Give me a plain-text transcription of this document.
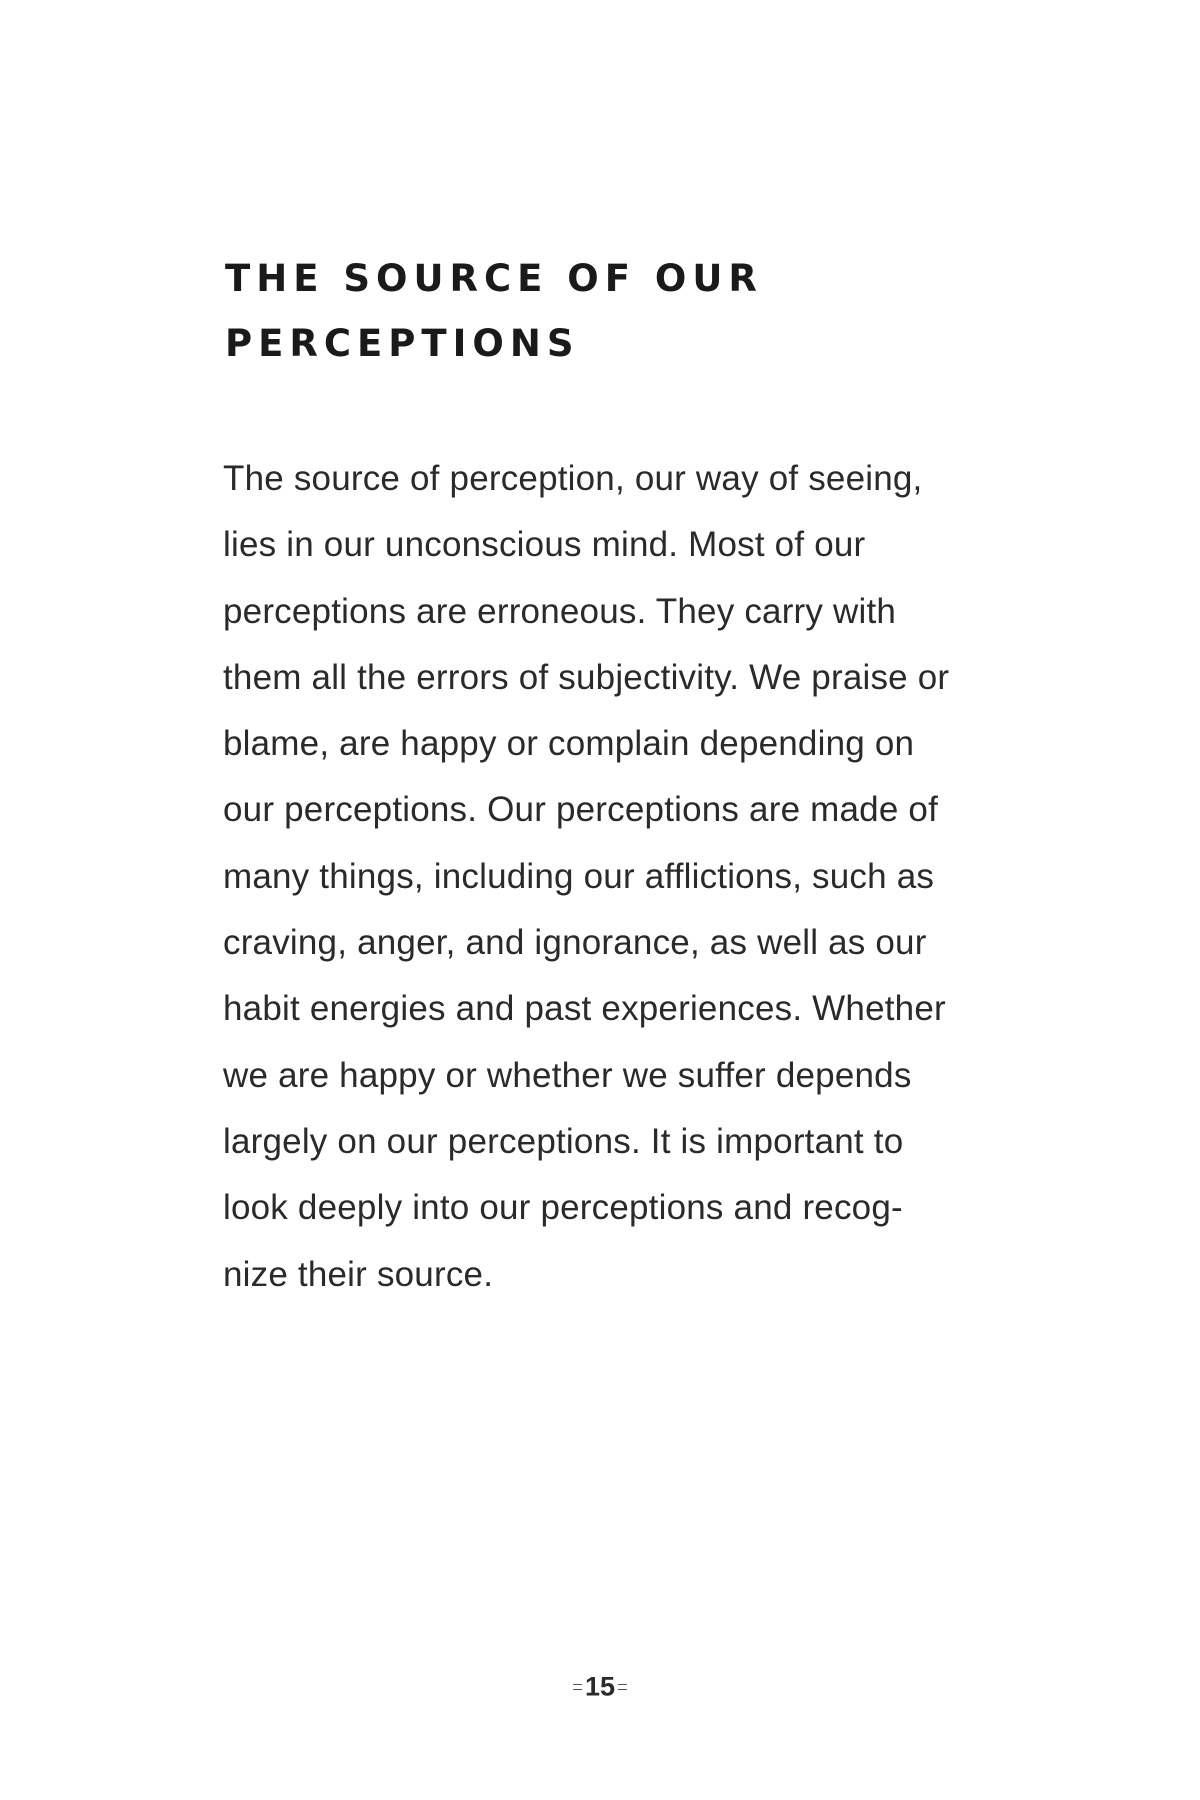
THE SOURCE OF OUR
PERCEPTIONS
The source of perception, our way of seeing,
lies in our unconscious mind. Most of our
perceptions are erroneous. They carry with
them all the errors of subjectivity. We praise or
blame, are happy or complain depending on
our perceptions. Our perceptions are made of
many things, including our afflictions, such as
craving, anger, and ignorance, as well as our
habit energies and past experiences. Whether
we are happy or whether we suffer depends
largely on our perceptions. It is important to
look deeply into our perceptions and recog-
nize their source.
15
